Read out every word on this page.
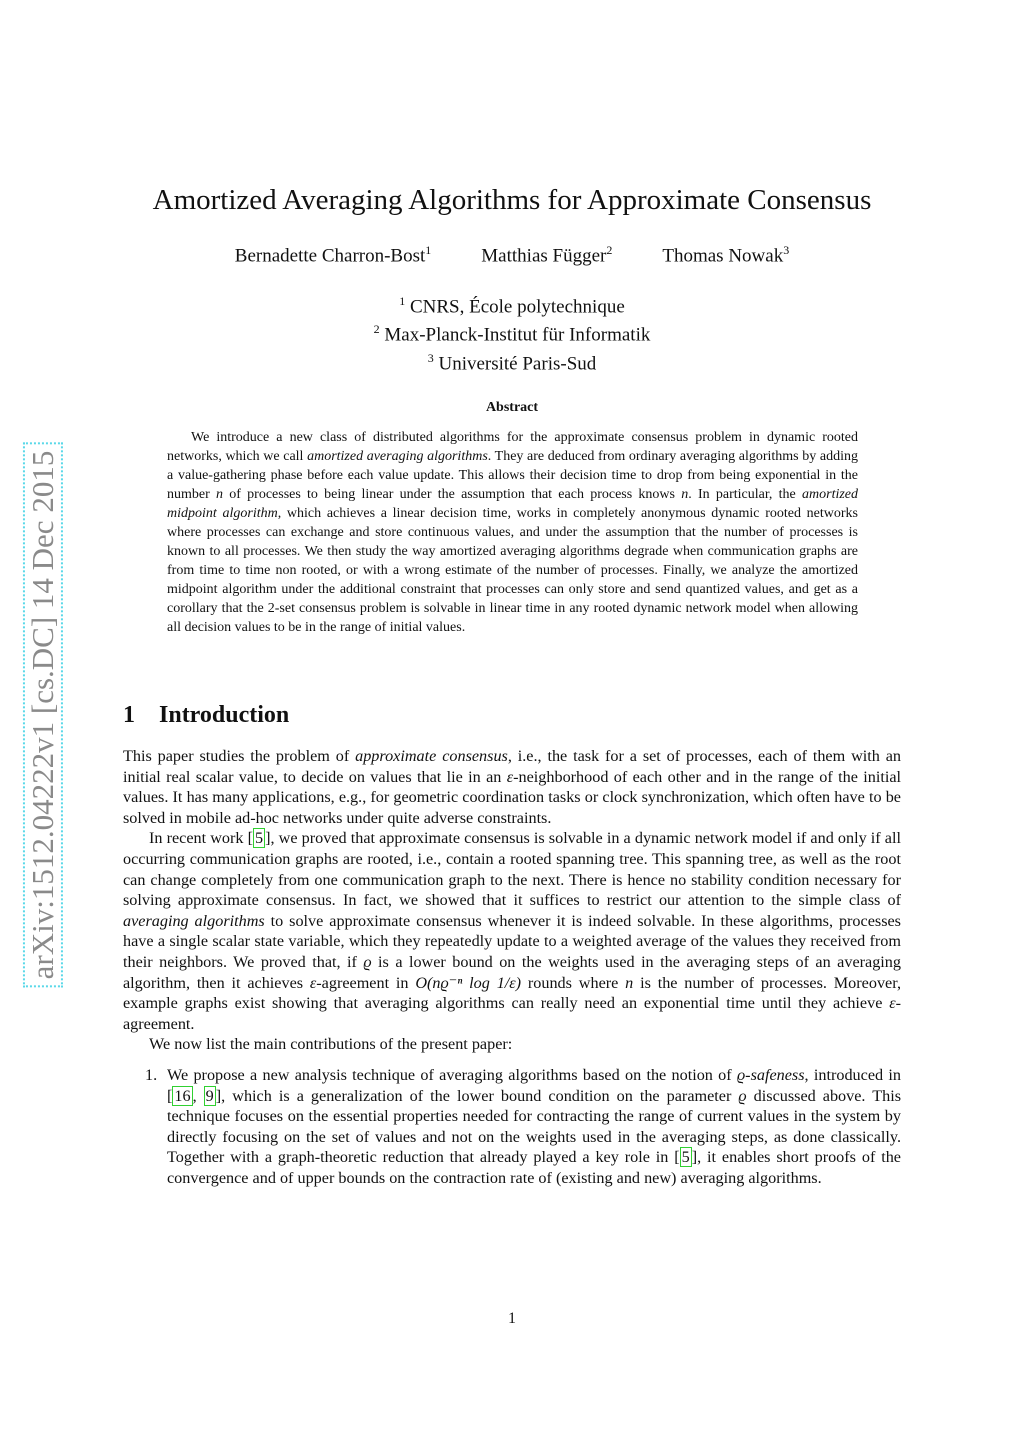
arXiv:1512.04222v1 [cs.DC] 14 Dec 2015
Amortized Averaging Algorithms for Approximate Consensus
Bernadette Charron-Bost$^1$	Matthias Függer$^2$	Thomas Nowak$^3$
$^1$ CNRS, École polytechnique
$^2$ Max-Planck-Institut für Informatik
$^3$ Université Paris-Sud
Abstract

We introduce a new class of distributed algorithms for the approximate consensus problem in dynamic rooted networks, which we call amortized averaging algorithms. They are deduced from ordinary averaging algorithms by adding a value-gathering phase before each value update. This allows their decision time to drop from being exponential in the number n of processes to being linear under the assumption that each process knows n. In particular, the amortized midpoint algorithm, which achieves a linear decision time, works in completely anonymous dynamic rooted networks where processes can exchange and store continuous values, and under the assumption that the number of processes is known to all processes. We then study the way amortized averaging algorithms degrade when communication graphs are from time to time non rooted, or with a wrong estimate of the number of processes. Finally, we analyze the amortized midpoint algorithm under the additional constraint that processes can only store and send quantized values, and get as a corollary that the 2-set consensus problem is solvable in linear time in any rooted dynamic network model when allowing all decision values to be in the range of initial values.

1 Introduction

This paper studies the problem of approximate consensus, i.e., the task for a set of processes, each of them with an initial real scalar value, to decide on values that lie in an ε-neighborhood of each other and in the range of the initial values. It has many applications, e.g., for geometric coordination tasks or clock synchronization, which often have to be solved in mobile ad-hoc networks under quite adverse constraints.

In recent work [ 5 ], we proved that approximate consensus is solvable in a dynamic network model if and only if all occurring communication graphs are rooted, i.e., contain a rooted spanning tree. This spanning tree, as well as the root can change completely from one communication graph to the next. There is hence no stability condition necessary for solving approximate consensus. In fact, we showed that it suffices to restrict our attention to the simple class of averaging algorithms to solve approximate consensus whenever it is indeed solvable. In these algorithms, processes have a single scalar state variable, which they repeatedly update to a weighted average of the values they received from their neighbors. We proved that, if ϱ is a lower bound on the weights used in the averaging steps of an averaging algorithm, then it achieves ε-agreement in O(nϱ⁻ⁿ log 1/ε) rounds where n is the number of processes. Moreover, example graphs exist showing that averaging algorithms can really need an exponential time until they achieve ε-agreement.

We now list the main contributions of the present paper:

1. We propose a new analysis technique of averaging algorithms based on the notion of ϱ-safeness, introduced in [ 16 , 9 ], which is a generalization of the lower bound condition on the parameter ϱ discussed above. This technique focuses on the essential properties needed for contracting the range of current values in the system by directly focusing on the set of values and not on the weights used in the averaging steps, as done classically. Together with a graph-theoretic reduction that already played a key role in [ 5 ], it enables short proofs of the convergence and of upper bounds on the contraction rate of (existing and new) averaging algorithms.
1
